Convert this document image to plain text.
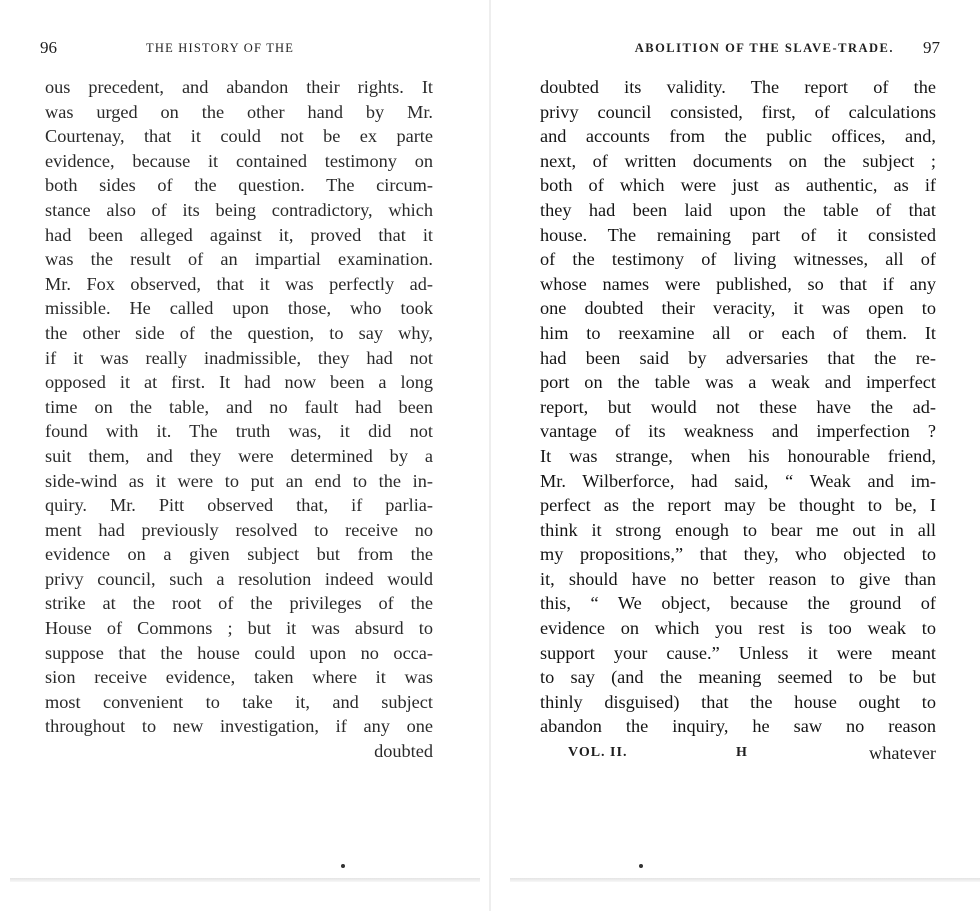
96	THE HISTORY OF THE
ous precedent, and abandon their rights. It
was urged on the other hand by Mr.
Courtenay, that it could not be ex parte
evidence, because it contained testimony on
both sides of the question. The circum-
stance also of its being contradictory, which
had been alleged against it, proved that it
was the result of an impartial examination.
Mr. Fox observed, that it was perfectly ad-
missible. He called upon those, who took
the other side of the question, to say why,
if it was really inadmissible, they had not
opposed it at first. It had now been a long
time on the table, and no fault had been
found with it. The truth was, it did not
suit them, and they were determined by a
side-wind as it were to put an end to the in-
quiry. Mr. Pitt observed that, if parlia-
ment had previously resolved to receive no
evidence on a given subject but from the
privy council, such a resolution indeed would
strike at the root of the privileges of the
House of Commons ; but it was absurd to
suppose that the house could upon no occa-
sion receive evidence, taken where it was
most convenient to take it, and subject
throughout to new investigation, if any one
doubted
ABOLITION OF THE SLAVE-TRADE. 97
doubted its validity. The report of the
privy council consisted, first, of calculations
and accounts from the public offices, and,
next, of written documents on the subject ;
both of which were just as authentic, as if
they had been laid upon the table of that
house. The remaining part of it consisted
of the testimony of living witnesses, all of
whose names were published, so that if any
one doubted their veracity, it was open to
him to reexamine all or each of them. It
had been said by adversaries that the re-
port on the table was a weak and imperfect
report, but would not these have the ad-
vantage of its weakness and imperfection ?
It was strange, when his honourable friend,
Mr. Wilberforce, had said, “ Weak and im-
perfect as the report may be thought to be, I
think it strong enough to bear me out in all
my propositions,” that they, who objected to
it, should have no better reason to give than
this, “ We object, because the ground of
evidence on which you rest is too weak to
support your cause.” Unless it were meant
to say (and the meaning seemed to be but
thinly disguised) that the house ought to
abandon the inquiry, he saw no reason
VOL. II.	H	whatever
